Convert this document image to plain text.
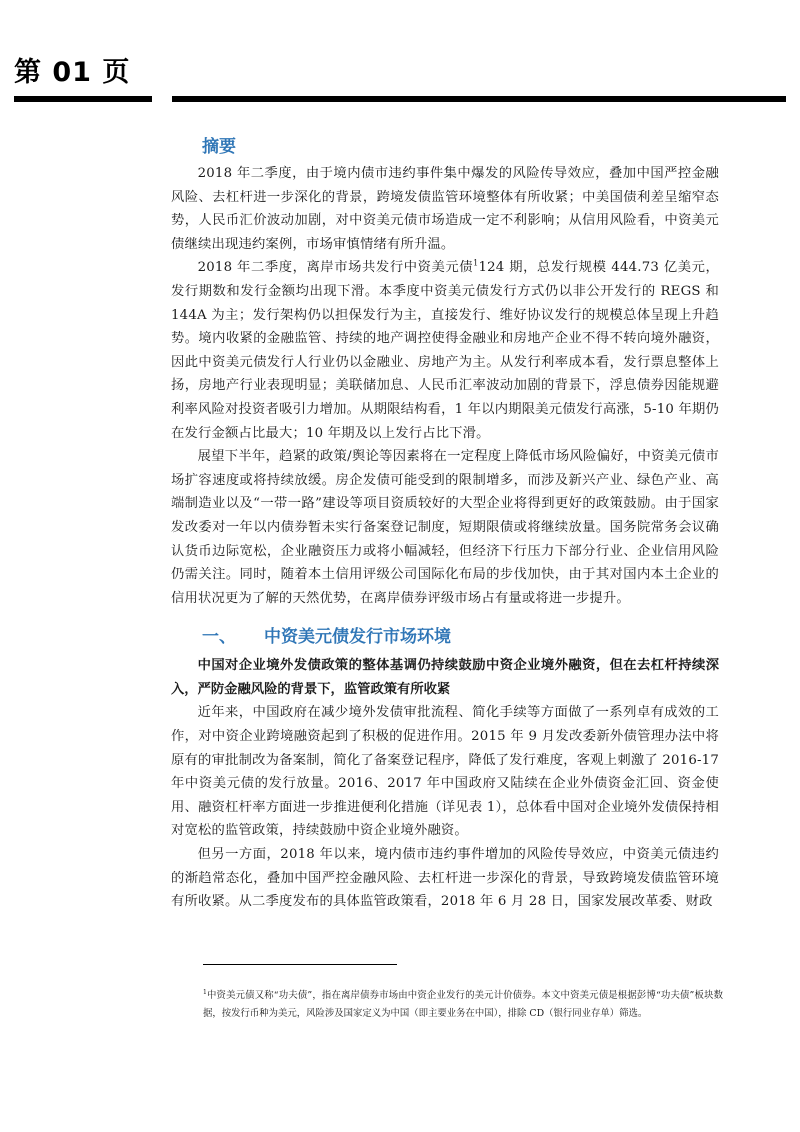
第 01 页
摘要

2018 年二季度，由于境内债市违约事件集中爆发的风险传导效应，叠加中国严控金融风险、去杠杆进一步深化的背景，跨境发债监管环境整体有所收紧；中美国债利差呈缩窄态势，人民币汇价波动加剧，对中资美元债市场造成一定不利影响；从信用风险看，中资美元债继续出现违约案例，市场审慎情绪有所升温。

2018 年二季度，离岸市场共发行中资美元债$^1$124 期，总发行规模 444.73 亿美元，发行期数和发行金额均出现下滑。本季度中资美元债发行方式仍以非公开发行的 REGS 和 144A 为主；发行架构仍以担保发行为主，直接发行、维好协议发行的规模总体呈现上升趋势。境内收紧的金融监管、持续的地产调控使得金融业和房地产企业不得不转向境外融资，因此中资美元债发行人行业仍以金融业、房地产为主。从发行利率成本看，发行票息整体上扬，房地产行业表现明显；美联储加息、人民币汇率波动加剧的背景下，浮息债券因能规避利率风险对投资者吸引力增加。从期限结构看，1 年以内期限美元债发行高涨，5-10 年期仍在发行金额占比最大；10 年期及以上发行占比下滑。

展望下半年，趋紧的政策/舆论等因素将在一定程度上降低市场风险偏好，中资美元债市场扩容速度或将持续放缓。房企发债可能受到的限制增多，而涉及新兴产业、绿色产业、高端制造业以及“一带一路”建设等项目资质较好的大型企业将得到更好的政策鼓励。由于国家发改委对一年以内债券暂未实行备案登记制度，短期限债或将继续放量。国务院常务会议确认货币边际宽松，企业融资压力或将小幅减轻，但经济下行压力下部分行业、企业信用风险仍需关注。同时，随着本土信用评级公司国际化布局的步伐加快，由于其对国内本土企业的信用状况更为了解的天然优势，在离岸债券评级市场占有量或将进一步提升。

一、 中资美元债发行市场环境

中国对企业境外发债政策的整体基调仍持续鼓励中资企业境外融资，但在去杠杆持续深入，严防金融风险的背景下，监管政策有所收紧

近年来，中国政府在减少境外发债审批流程、简化手续等方面做了一系列卓有成效的工作，对中资企业跨境融资起到了积极的促进作用。2015 年 9 月发改委新外债管理办法中将原有的审批制改为备案制，简化了备案登记程序，降低了发行难度，客观上刺激了 2016-17 年中资美元债的发行放量。2016、2017 年中国政府又陆续在企业外债资金汇回、资金使用、融资杠杆率方面进一步推进便利化措施（详见表 1），总体看中国对企业境外发债保持相对宽松的监管政策，持续鼓励中资企业境外融资。

但另一方面，2018 年以来，境内债市违约事件增加的风险传导效应，中资美元债违约的渐趋常态化，叠加中国严控金融风险、去杠杆进一步深化的背景，导致跨境发债监管环境有所收紧。从二季度发布的具体监管政策看，2018 年 6 月 28 日，国家发展改革委、财政

$^1$中资美元债又称“功夫债”，指在离岸债券市场由中资企业发行的美元计价债券。本文中资美元债是根据彭博“功夫债”板块数据，按发行币种为美元，风险涉及国家定义为中国（即主要业务在中国），排除 CD（银行同业存单）筛选。
